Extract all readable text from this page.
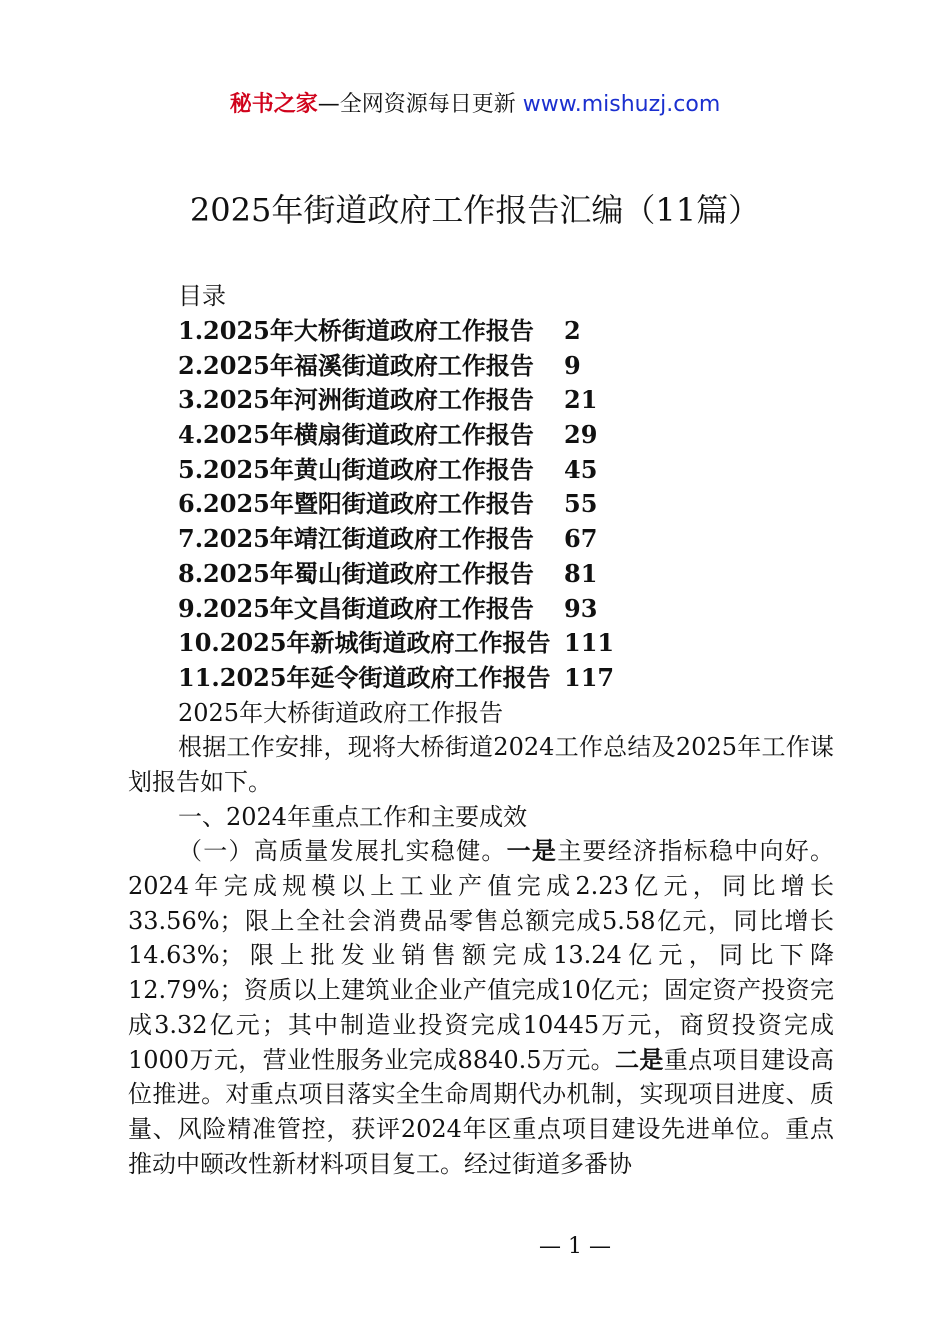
秘书之家—全网资源每日更新 www.mishuzj.com
2025年街道政府工作报告汇编（11篇）
目录
1.2025年大桥街道政府工作报告	2
2.2025年福溪街道政府工作报告	9
3.2025年河洲街道政府工作报告	21
4.2025年横扇街道政府工作报告	29
5.2025年黄山街道政府工作报告	45
6.2025年暨阳街道政府工作报告	55
7.2025年靖江街道政府工作报告	67
8.2025年蜀山街道政府工作报告	81
9.2025年文昌街道政府工作报告	93
10.2025年新城街道政府工作报告 111
11.2025年延令街道政府工作报告 117
2025年大桥街道政府工作报告
根据工作安排，现将大桥街道2024工作总结及2025年工作谋划报告如下。
一、2024年重点工作和主要成效
（一）高质量发展扎实稳健。一是主要经济指标稳中向好。2024年完成规模以上工业产值完成2.23亿元，同比增长33.56%；限上全社会消费品零售总额完成5.58亿元，同比增长14.63%；限上批发业销售额完成13.24亿元，同比下降12.79%；资质以上建筑业企业产值完成10亿元；固定资产投资完成3.32亿元；其中制造业投资完成10445万元，商贸投资完成1000万元，营业性服务业完成8840.5万元。二是重点项目建设高位推进。对重点项目落实全生命周期代办机制，实现项目进度、质量、风险精准管控，获评2024年区重点项目建设先进单位。重点推动中颐改性新材料项目复工。经过街道多番协
— 1 —
